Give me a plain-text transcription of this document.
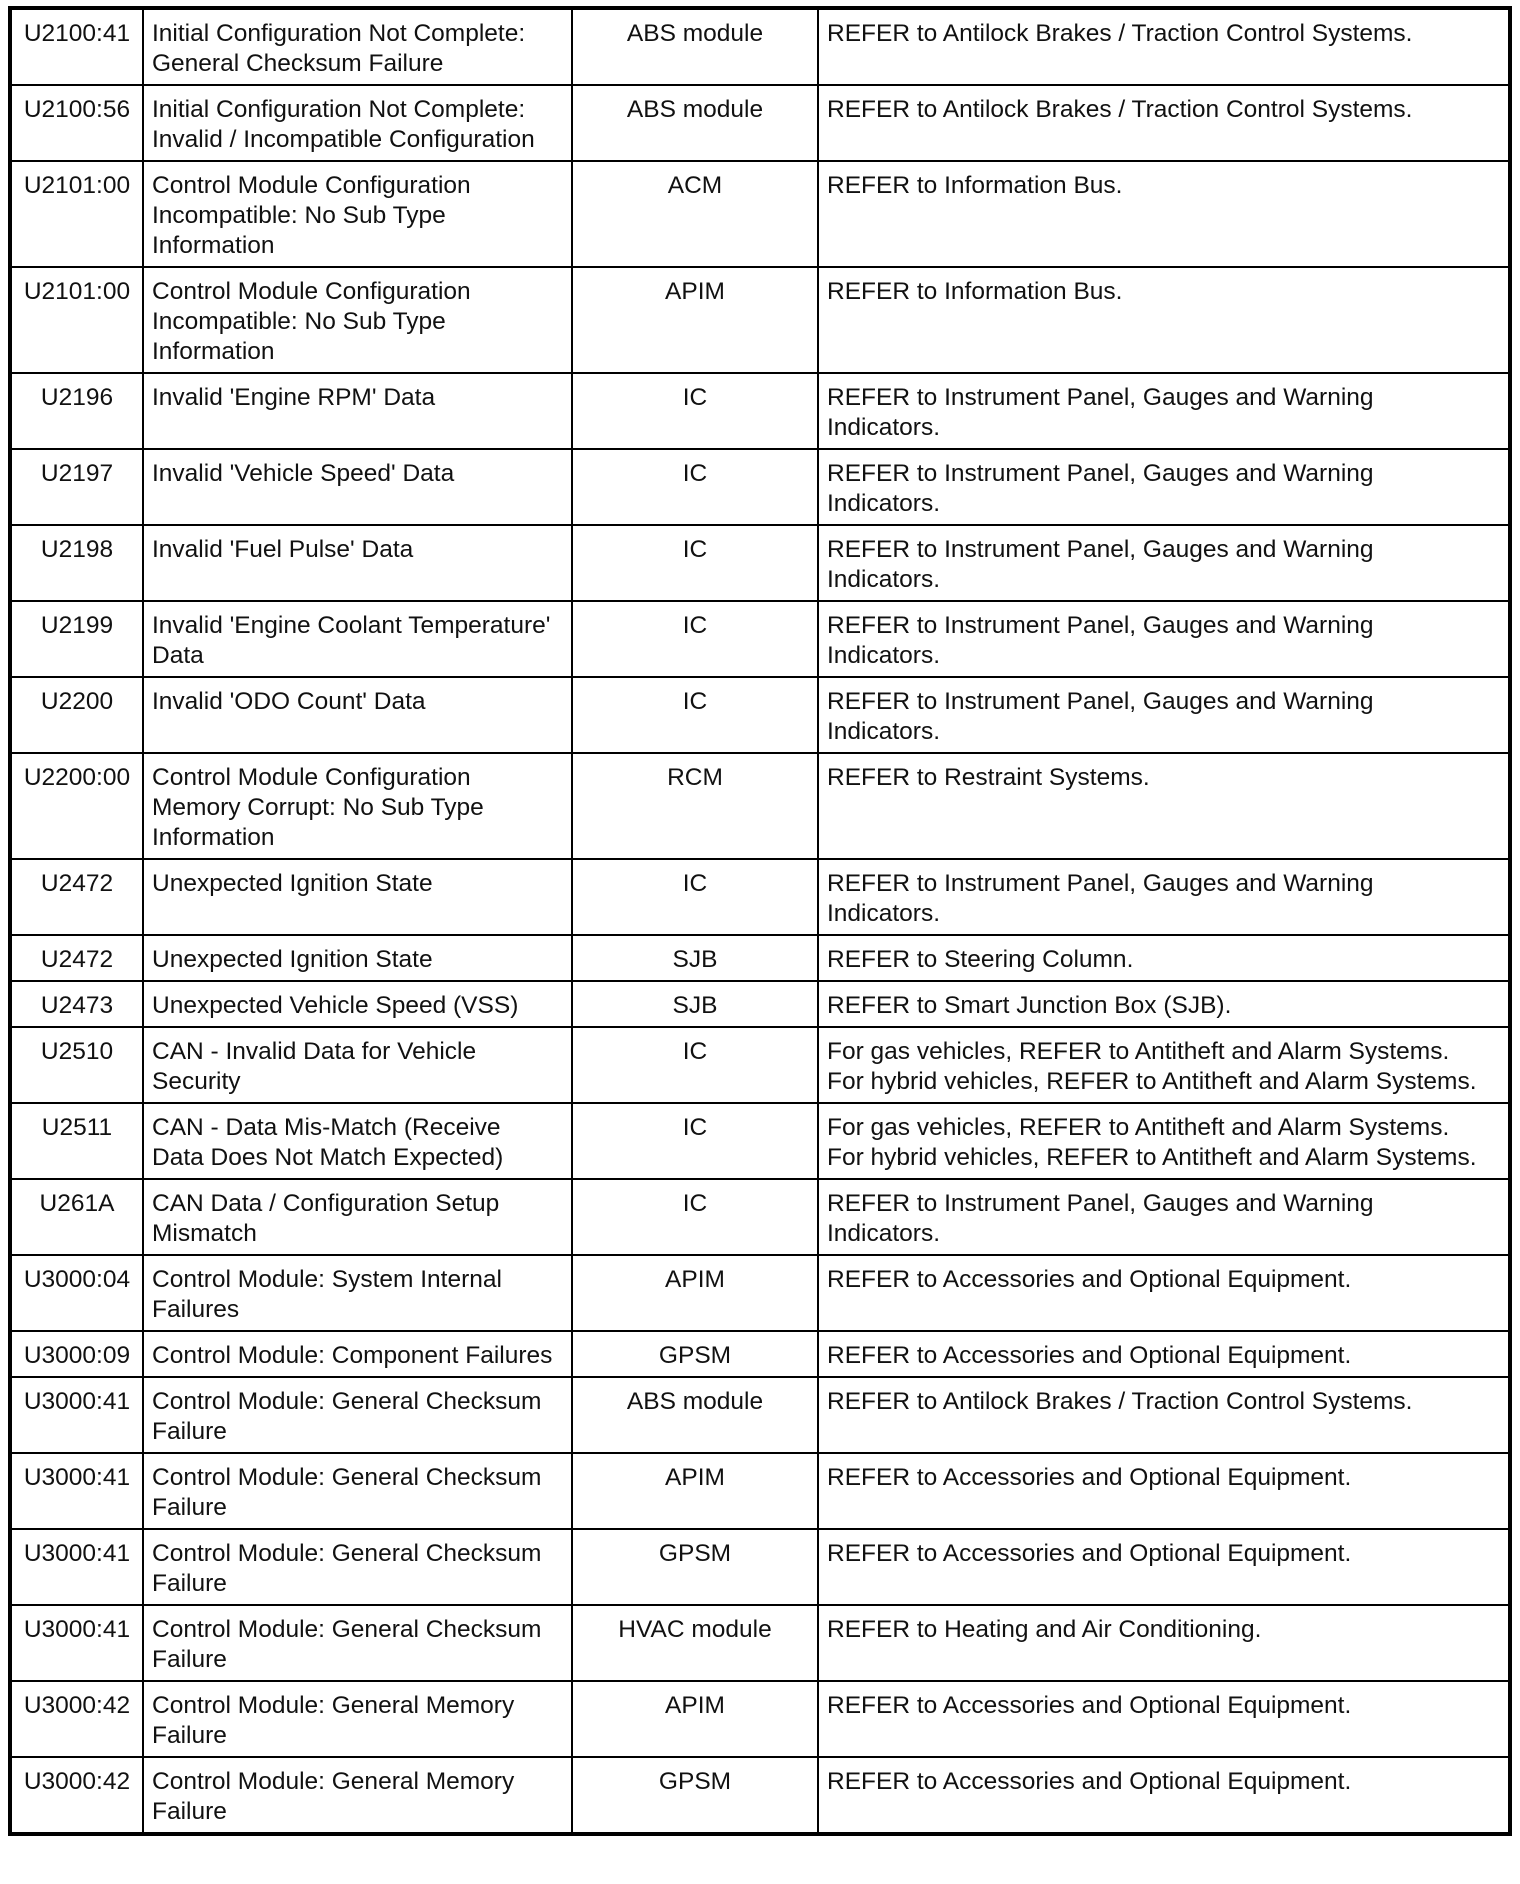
U2100:41	Initial Configuration Not Complete:
General Checksum Failure	ABS module	REFER to Antilock Brakes / Traction Control Systems.
U2100:56	Initial Configuration Not Complete:
Invalid / Incompatible Configuration	ABS module	REFER to Antilock Brakes / Traction Control Systems.
U2101:00	Control Module Configuration
Incompatible: No Sub Type
Information	ACM	REFER to Information Bus.
U2101:00	Control Module Configuration
Incompatible: No Sub Type
Information	APIM	REFER to Information Bus.
U2196	Invalid 'Engine RPM' Data	IC	REFER to Instrument Panel, Gauges and Warning
Indicators.
U2197	Invalid 'Vehicle Speed' Data	IC	REFER to Instrument Panel, Gauges and Warning
Indicators.
U2198	Invalid 'Fuel Pulse' Data	IC	REFER to Instrument Panel, Gauges and Warning
Indicators.
U2199	Invalid 'Engine Coolant Temperature'
Data	IC	REFER to Instrument Panel, Gauges and Warning
Indicators.
U2200	Invalid 'ODO Count' Data	IC	REFER to Instrument Panel, Gauges and Warning
Indicators.
U2200:00	Control Module Configuration
Memory Corrupt: No Sub Type
Information	RCM	REFER to Restraint Systems.
U2472	Unexpected Ignition State	IC	REFER to Instrument Panel, Gauges and Warning
Indicators.
U2472	Unexpected Ignition State	SJB	REFER to Steering Column.
U2473	Unexpected Vehicle Speed (VSS)	SJB	REFER to Smart Junction Box (SJB).
U2510	CAN - Invalid Data for Vehicle
Security	IC	For gas vehicles, REFER to Antitheft and Alarm Systems.
For hybrid vehicles, REFER to Antitheft and Alarm Systems.
U2511	CAN - Data Mis-Match (Receive
Data Does Not Match Expected)	IC	For gas vehicles, REFER to Antitheft and Alarm Systems.
For hybrid vehicles, REFER to Antitheft and Alarm Systems.
U261A	CAN Data / Configuration Setup
Mismatch	IC	REFER to Instrument Panel, Gauges and Warning
Indicators.
U3000:04	Control Module: System Internal
Failures	APIM	REFER to Accessories and Optional Equipment.
U3000:09	Control Module: Component Failures	GPSM	REFER to Accessories and Optional Equipment.
U3000:41	Control Module: General Checksum
Failure	ABS module	REFER to Antilock Brakes / Traction Control Systems.
U3000:41	Control Module: General Checksum
Failure	APIM	REFER to Accessories and Optional Equipment.
U3000:41	Control Module: General Checksum
Failure	GPSM	REFER to Accessories and Optional Equipment.
U3000:41	Control Module: General Checksum
Failure	HVAC module	REFER to Heating and Air Conditioning.
U3000:42	Control Module: General Memory
Failure	APIM	REFER to Accessories and Optional Equipment.
U3000:42	Control Module: General Memory
Failure	GPSM	REFER to Accessories and Optional Equipment.
